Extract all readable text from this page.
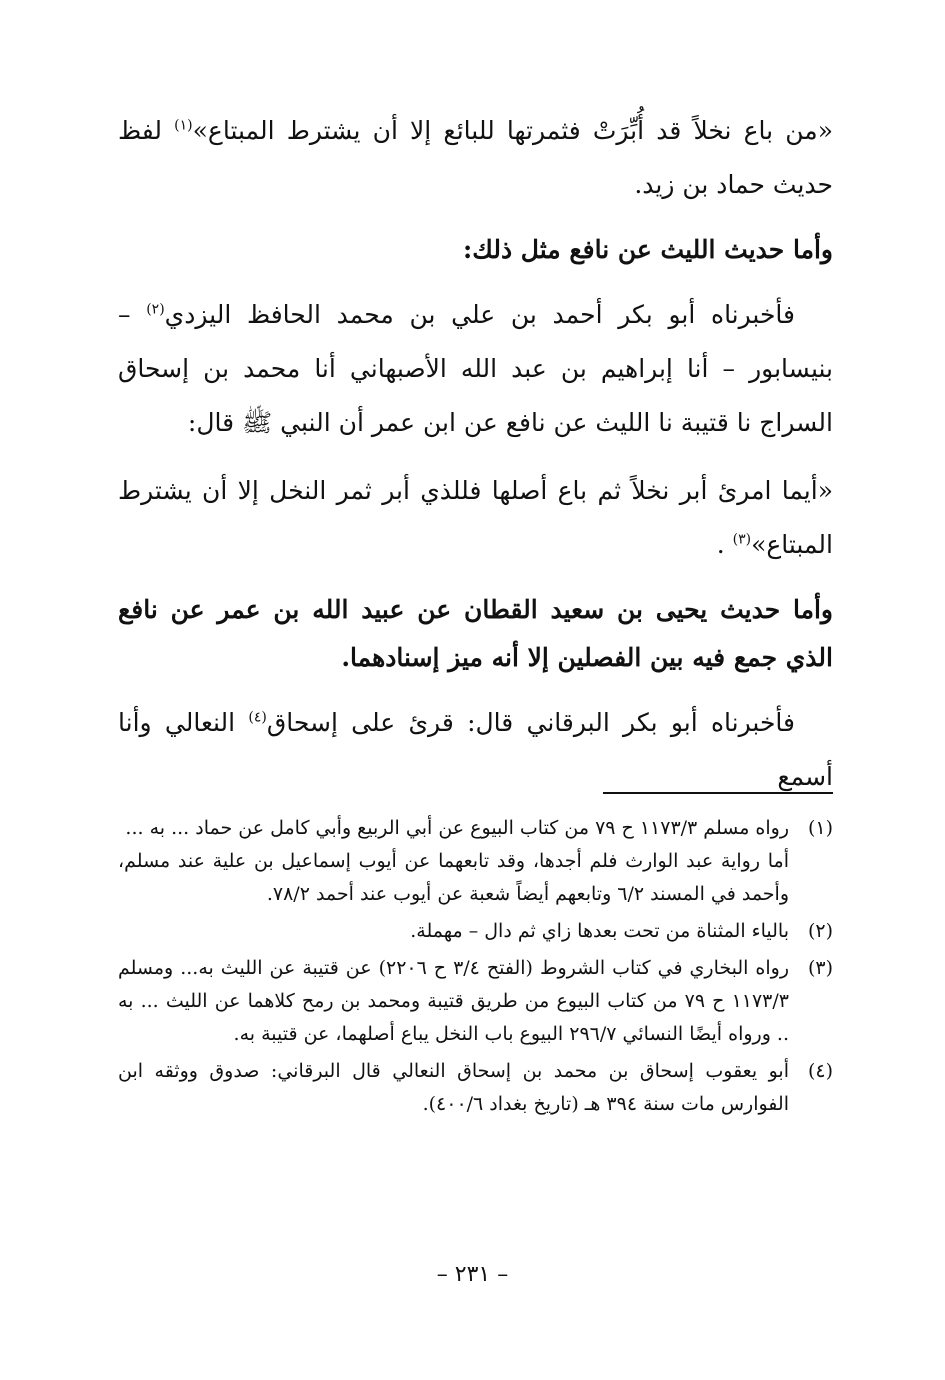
«من باع نخلاً قد أُبِّرَتْ فثمرتها للبائع إلا أن يشترط المبتاع»$^{(١)}$ لفظ حديث حماد بن زيد.

وأما حديث الليث عن نافع مثل ذلك:

فأخبرناه أبو بكر أحمد بن علي بن محمد الحافظ اليزدي$^{(٢)}$ – بنيسابور – أنا إبراهيم بن عبد الله الأصبهاني أنا محمد بن إسحاق السراج نا قتيبة نا الليث عن نافع عن ابن عمر أن النبي ﷺ قال:

«أيما امرئ أبر نخلاً ثم باع أصلها فللذي أبر ثمر النخل إلا أن يشترط المبتاع»$^{(٣)}$ .

وأما حديث يحيى بن سعيد القطان عن عبيد الله بن عمر عن نافع الذي جمع فيه بين الفصلين إلا أنه ميز إسنادهما.

فأخبرناه أبو بكر البرقاني قال: قرئ على إسحاق$^{(٤)}$ النعالي وأنا أسمع

(١)

رواه مسلم ١١٧٣/٣ ح ٧٩ من كتاب البيوع عن أبي الربيع وأبي كامل عن حماد ... به ...

أما رواية عبد الوارث فلم أجدها، وقد تابعهما عن أيوب إسماعيل بن علية عند مسلم، وأحمد في المسند ٦/٢ وتابعهم أيضاً شعبة عن أيوب عند أحمد ٧٨/٢.

(٢)

بالياء المثناة من تحت بعدها زاي ثم دال – مهملة.

(٣)

رواه البخاري في كتاب الشروط (الفتح ٣/٤ ح ٢٢٠٦) عن قتيبة عن الليث به... ومسلم ١١٧٣/٣ ح ٧٩ من كتاب البيوع من طريق قتيبة ومحمد بن رمح كلاهما عن الليث ... به .. ورواه أيضًا النسائي ٢٩٦/٧ البيوع باب النخل يباع أصلهما، عن قتيبة به.

(٤)

أبو يعقوب إسحاق بن محمد بن إسحاق النعالي قال البرقاني: صدوق ووثقه ابن الفوارس مات سنة ٣٩٤ هـ (تاريخ بغداد ٤٠٠/٦).

– ٢٣١ –
